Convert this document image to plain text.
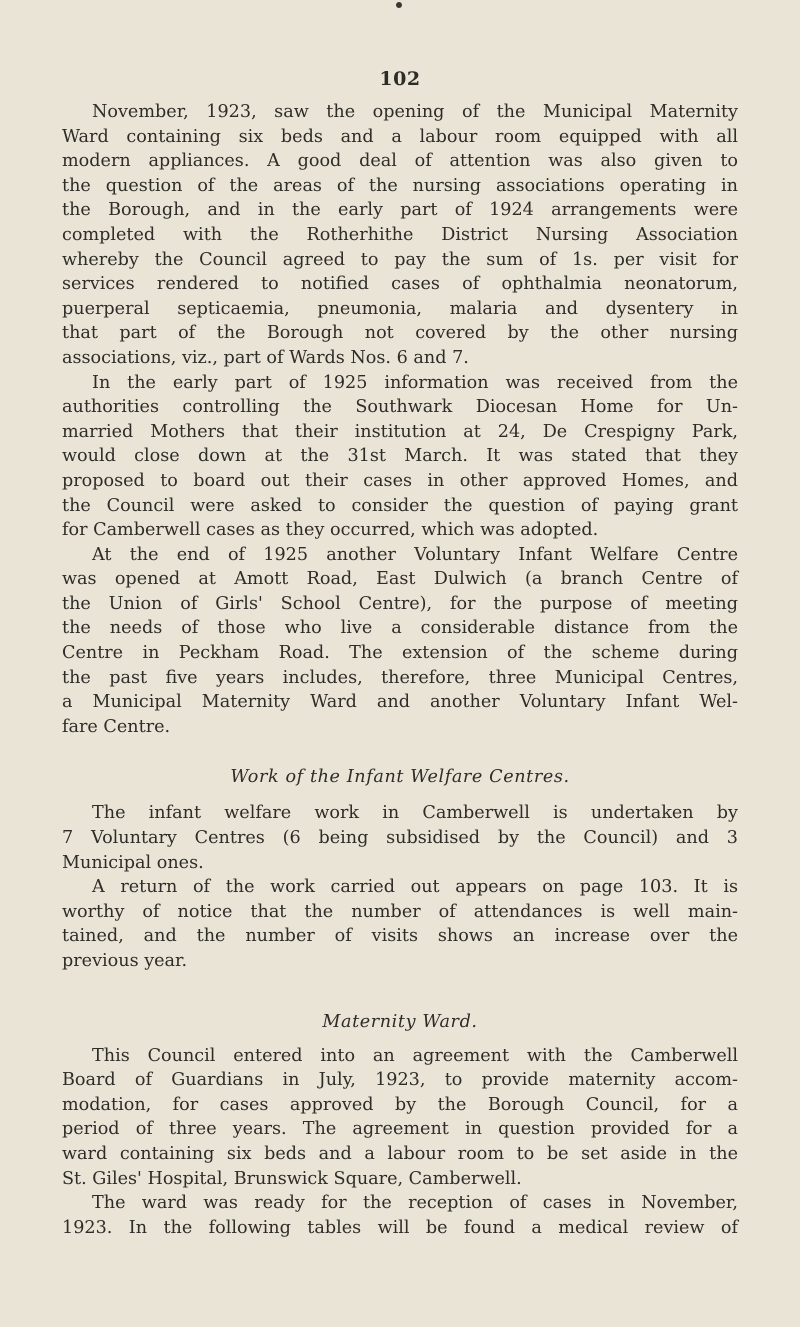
102

November, 1923, saw the opening of the Municipal Maternity
Ward containing six beds and a labour room equipped with all
modern appliances. A good deal of attention was also given to
the question of the areas of the nursing associations operating in
the Borough, and in the early part of 1924 arrangements were
completed with the Rotherhithe District Nursing Association
whereby the Council agreed to pay the sum of 1s. per visit for
services rendered to notified cases of ophthalmia neonatorum,
puerperal septicaemia, pneumonia, malaria and dysentery in
that part of the Borough not covered by the other nursing
associations, viz., part of Wards Nos. 6 and 7.

In the early part of 1925 information was received from the
authorities controlling the Southwark Diocesan Home for Un-
married Mothers that their institution at 24, De Crespigny Park,
would close down at the 31st March. It was stated that they
proposed to board out their cases in other approved Homes, and
the Council were asked to consider the question of paying grant
for Camberwell cases as they occurred, which was adopted.

At the end of 1925 another Voluntary Infant Welfare Centre
was opened at Amott Road, East Dulwich (a branch Centre of
the Union of Girls' School Centre), for the purpose of meeting
the needs of those who live a considerable distance from the
Centre in Peckham Road. The extension of the scheme during
the past five years includes, therefore, three Municipal Centres,
a Municipal Maternity Ward and another Voluntary Infant Wel-
fare Centre.

Work of the Infant Welfare Centres.

The infant welfare work in Camberwell is undertaken by
7 Voluntary Centres (6 being subsidised by the Council) and 3
Municipal ones.

A return of the work carried out appears on page 103. It is
worthy of notice that the number of attendances is well main-
tained, and the number of visits shows an increase over the
previous year.

Maternity Ward.

This Council entered into an agreement with the Camberwell
Board of Guardians in July, 1923, to provide maternity accom-
modation, for cases approved by the Borough Council, for a
period of three years. The agreement in question provided for a
ward containing six beds and a labour room to be set aside in the
St. Giles' Hospital, Brunswick Square, Camberwell.

The ward was ready for the reception of cases in November,
1923. In the following tables will be found a medical review of
